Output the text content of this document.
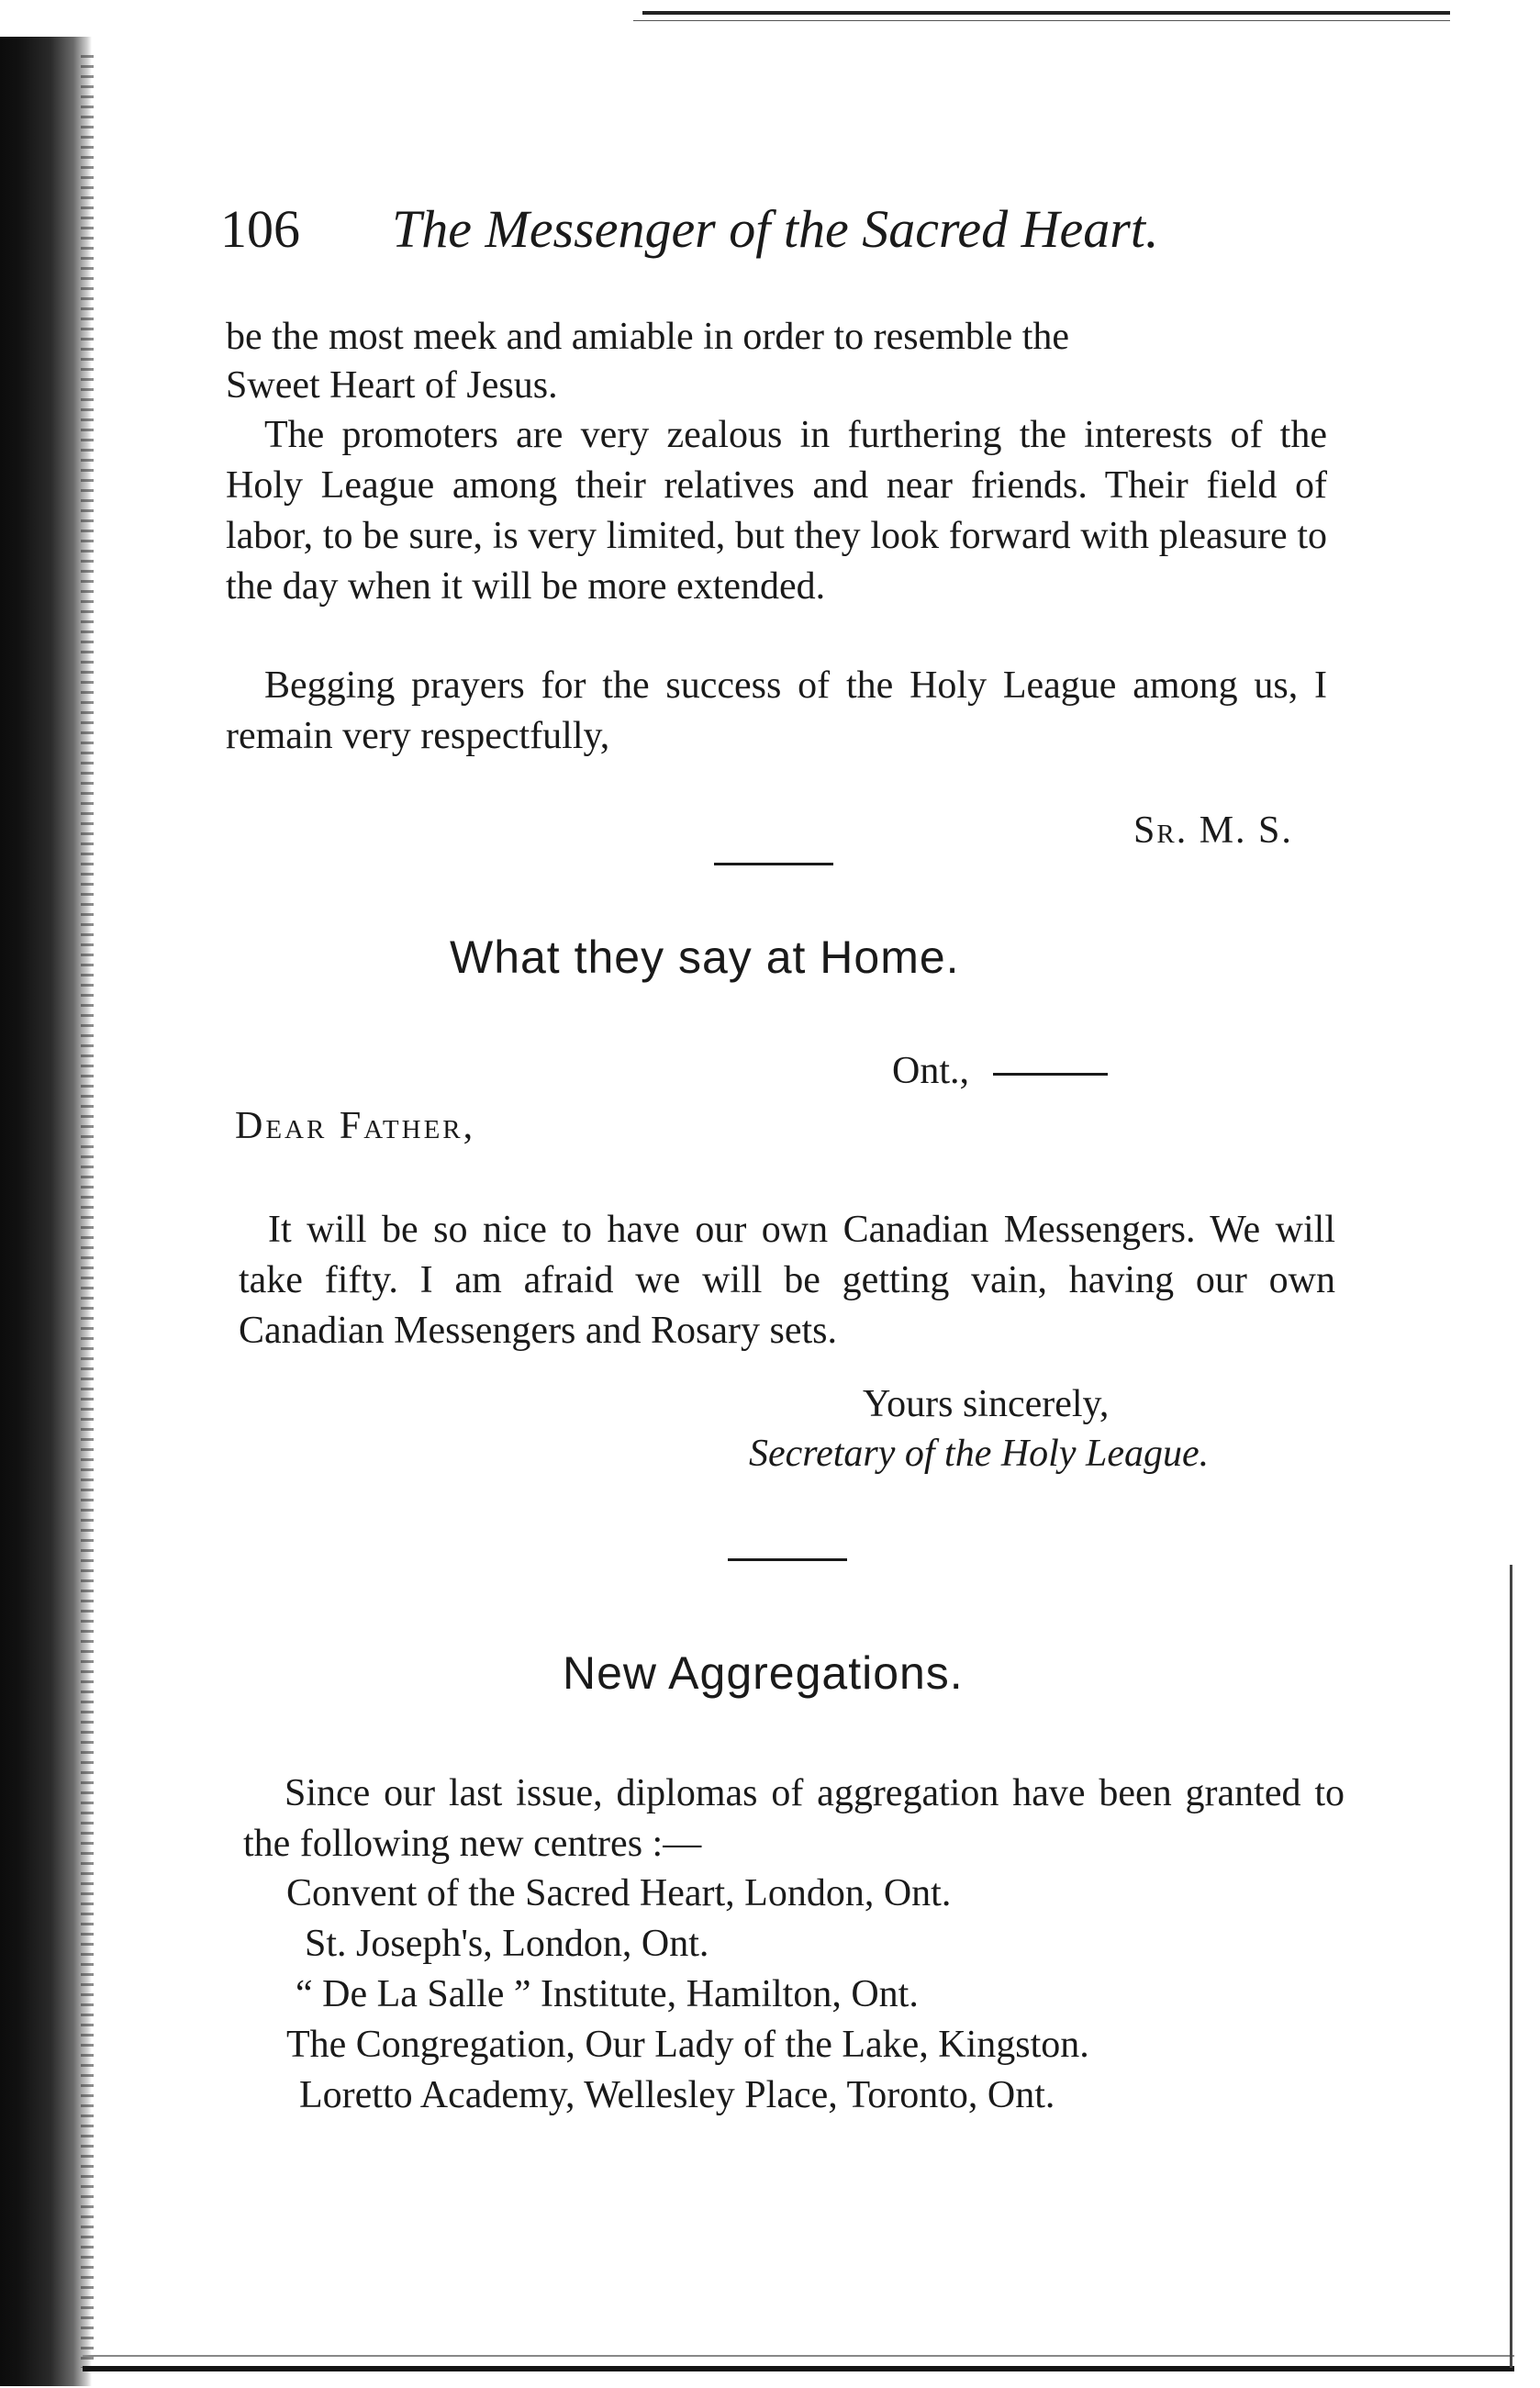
106 The Messenger of the Sacred Heart.
be the most meek and amiable in order to resemble the
Sweet Heart of Jesus.
The promoters are very zealous in furthering the interests of the Holy League among their relatives and near friends. Their field of labor, to be sure, is very limited, but they look forward with pleasure to the day when it will be more extended.
Begging prayers for the success of the Holy League among us, I remain very respectfully,
Sr. M. S.
What they say at Home.
Ont.,
Dear Father,
It will be so nice to have our own Canadian Messengers. We will take fifty. I am afraid we will be getting vain, having our own Canadian Messengers and Rosary sets.
Yours sincerely,
Secretary of the Holy League.
New Aggregations.
Since our last issue, diplomas of aggregation have been granted to the following new centres :—
Convent of the Sacred Heart, London, Ont.
St. Joseph's, London, Ont.
“ De La Salle ” Institute, Hamilton, Ont.
The Congregation, Our Lady of the Lake, Kingston.
Loretto Academy, Wellesley Place, Toronto, Ont.
